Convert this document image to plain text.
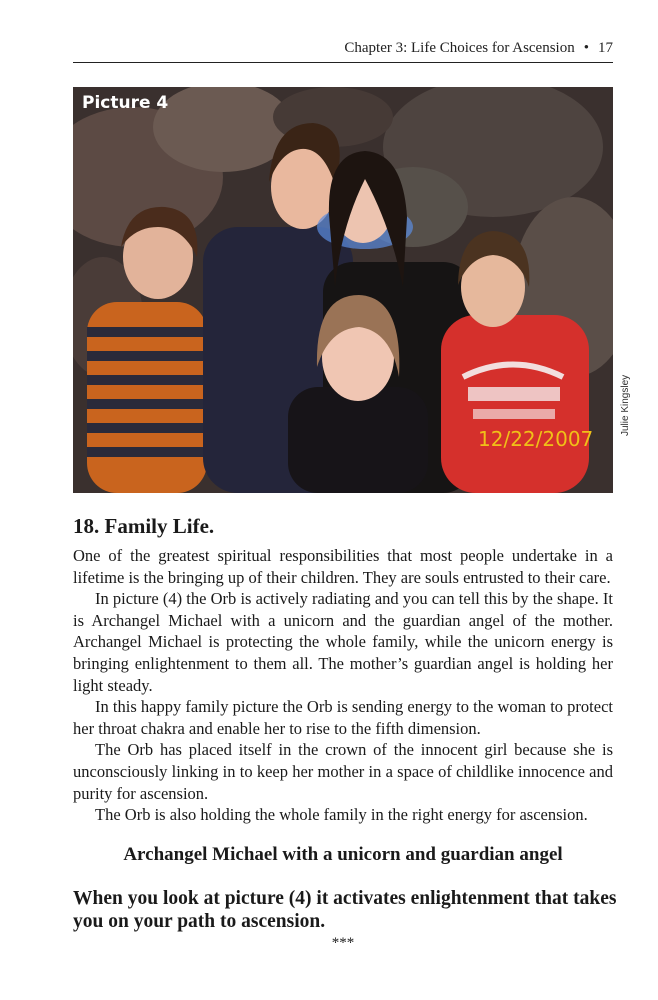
Chapter 3: Life Choices for Ascension • 17
Picture 4
12/22/2007
Julie Kingsley
18. Family Life.

One of the greatest spiritual responsibilities that most people undertake in a lifetime is the bringing up of their children. They are souls entrusted to their care.

In picture (4) the Orb is actively radiating and you can tell this by the shape. It is Archangel Michael with a unicorn and the guardian angel of the mother. Archangel Michael is protecting the whole family, while the unicorn energy is bringing enlightenment to them all. The mother’s guardian angel is holding her light steady.

In this happy family picture the Orb is sending energy to the woman to protect her throat chakra and enable her to rise to the fifth dimension.

The Orb has placed itself in the crown of the innocent girl because she is unconsciously linking in to keep her mother in a space of childlike innocence and purity for ascension.

The Orb is also holding the whole family in the right energy for ascension.

Archangel Michael with a unicorn and guardian angel
When you look at picture (4) it activates enlightenment that takes you on your path to ascension.
***
